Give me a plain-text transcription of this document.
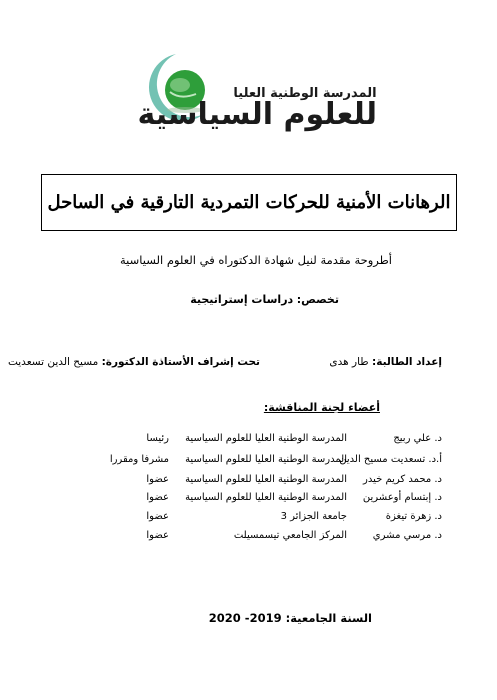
المدرسة الوطنية العليا
للعلوم السياسية
الرهانات الأمنية للحركات التمردية التارقية في الساحل
أطروحة مقدمة لنيل شهادة الدكتوراه في العلوم السياسية
تخصص: دراسات إستراتيجية
إعداد الطالبة: طار هدى
تحت إشراف الأستاذة الدكتورة: مسيح الدين تسعديت
أعضاء لجنة المناقشة:
د. علي ربيج
المدرسة الوطنية العليا للعلوم السياسية
رئيسا
أ.د. تسعديت مسيح الدين
المدرسة الوطنية العليا للعلوم السياسية
مشرفا ومقررا
د. محمد كريم خيدر
المدرسة الوطنية العليا للعلوم السياسية
عضوا
د. إبتسام أوعشرين
المدرسة الوطنية العليا للعلوم السياسية
عضوا
د. زهرة تيغزة
جامعة الجزائر 3
عضوا
د. مرسي مشري
المركز الجامعي تيسمسيلت
عضوا
السنة الجامعية: 2019- 2020
